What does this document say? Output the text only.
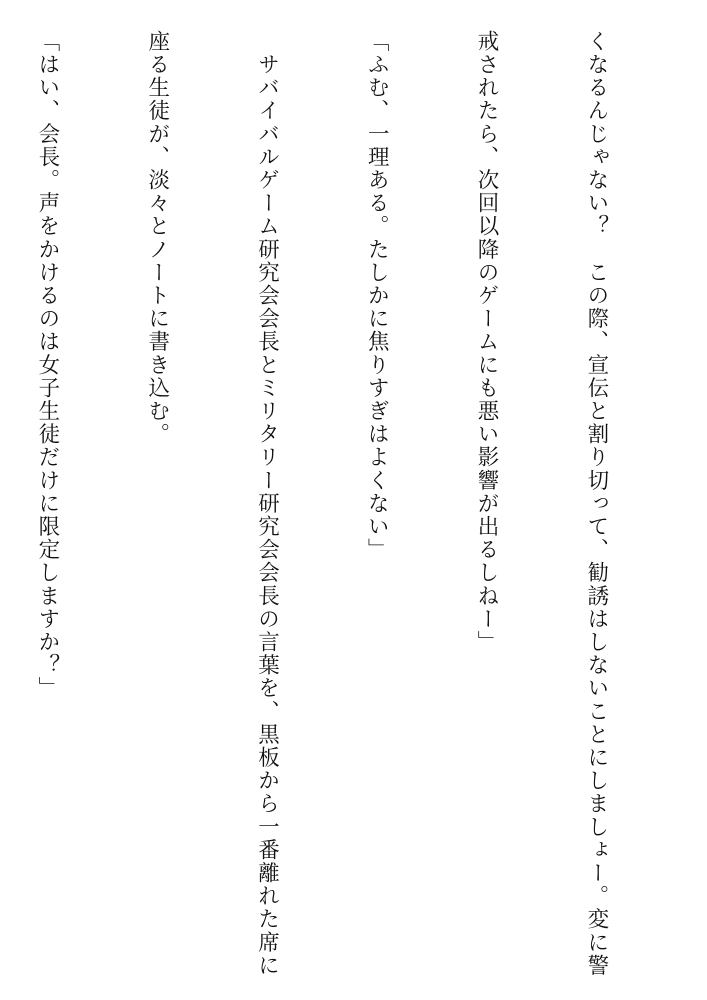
くなるんじゃない？　この際、宣伝と割り切って、勧誘はしないことにしましょー。変に警

戒されたら、次回以降のゲームにも悪い影響が出るしねー」

「ふむ、一理ある。たしかに焦りすぎはよくない」

　サバイバルゲーム研究会会長とミリタリー研究会会長の言葉を、黒板から一番離れた席に

座る生徒が、淡々とノートに書き込む。

「はい、会長。声をかけるのは女子生徒だけに限定しますか？」
